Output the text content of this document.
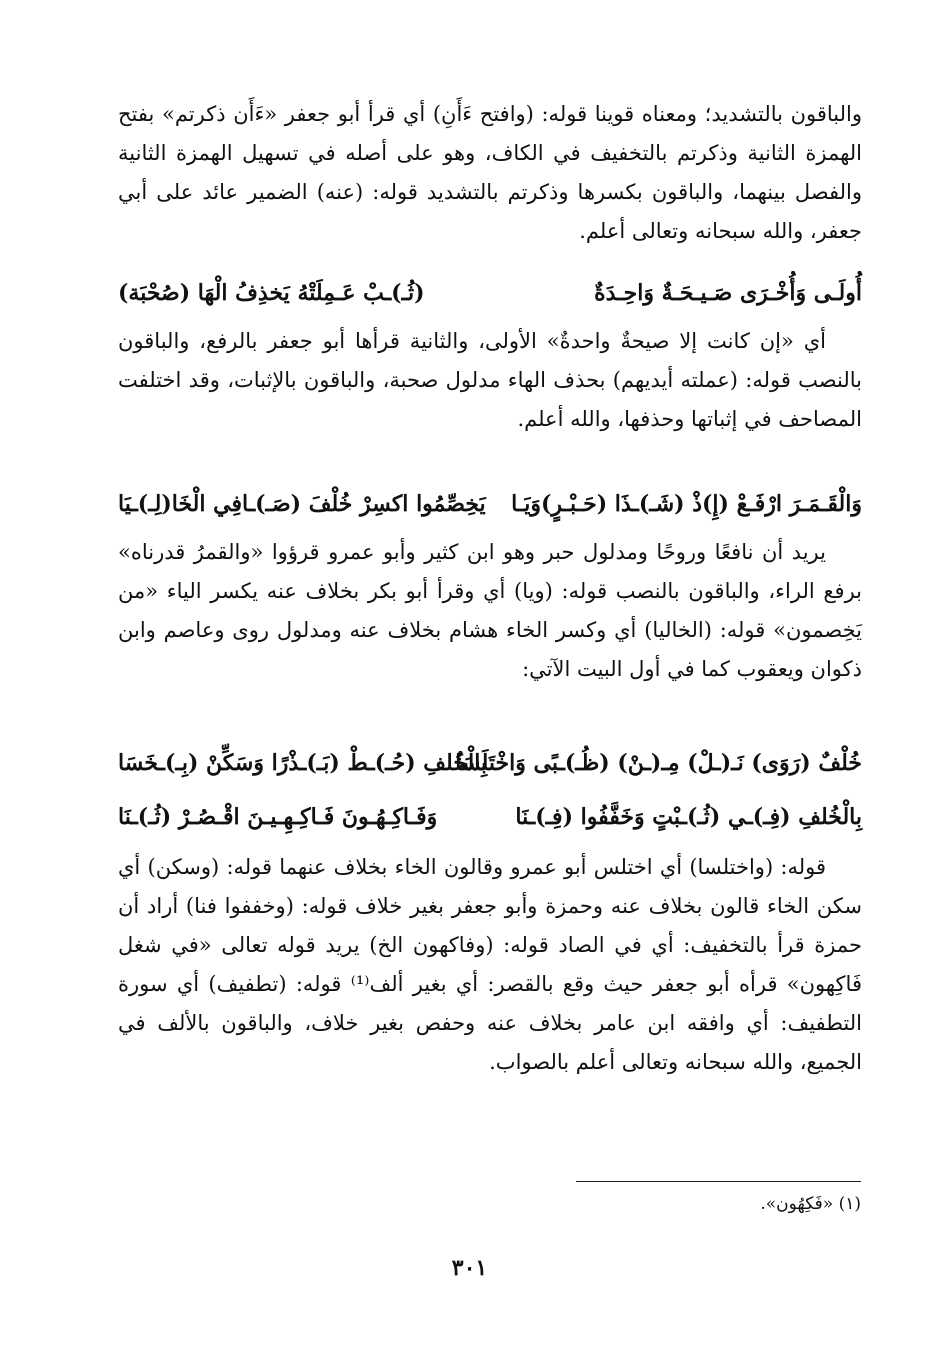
والباقون بالتشديد؛ ومعناه قوينا قوله: (وافتح ءَأَنِ) أي قرأ أبو جعفر «ءَأَن ذكرتم» بفتح الهمزة الثانية وذكرتم بالتخفيف في الكاف، وهو على أصله في تسهيل الهمزة الثانية والفصل بينهما، والباقون بكسرها وذكرتم بالتشديد قوله: (عنه) الضمير عائد على أبي جعفر، والله سبحانه وتعالى أعلم.

أُولَـى وَأُخْـرَى صَـيـحَـةٌ وَاحِـدَةٌ
(ثُـ)ـبْ عَـمِلَتْهُ يَخذِفُ الْهَا (صُحْبَة)

أي «إن كانت إلا صيحةٌ واحدةٌ» الأولى، والثانية قرأها أبو جعفر بالرفع، والباقون بالنصب قوله: (عملته أيديهم) بحذف الهاء مدلول صحبة، والباقون بالإثبات، وقد اختلفت المصاحف في إثباتها وحذفها، والله أعلم.

وَالْقَـمَـرَ ارْفَـعْ (إِ)ذْ (شَـ)ـذَا (حَـبْـرٍ)وَيَـا
يَخِصِّمُوا اكسِرْ خُلْفَ (صَـ)ـافِي الْخَا(لِـ)ـيَا

يريد أن نافعًا وروحًا ومدلول حبر وهو ابن كثير وأبو عمرو قرؤوا «والقمرُ قدرناه» برفع الراء، والباقون بالنصب قوله: (ويا) أي وقرأ أبو بكر بخلاف عنه يكسر الياء «من يَخِصمون» قوله: (الخاليا) أي وكسر الخاء هشام بخلاف عنه ومدلول روى وعاصم وابن ذكوان ويعقوب كما في أول البيت الآتي:

خُلْفٌ (رَوَى) نَـ(ـلْ) مِـ(ـنْ) (ظُـ)ـبًى وَاخْتَلَسَا
بِالْخُلفِ (حُـ)ـطْ (بَـ)ـذْرًا وَسَكِّنْ (بِـ)ـخَسَا
بِالْخُلفِ (فِـ)ـي (ثُـ)ـبْتٍ وَخَفَّفُوا (فِـ)ـنَا
وَفَـاكِـهُـونَ فَـاكِـهِـيـنَ اقْـصُـرْ (ثُـ)ـنَا

قوله: (واختلسا) أي اختلس أبو عمرو وقالون الخاء بخلاف عنهما قوله: (وسكن) أي سكن الخاء قالون بخلاف عنه وحمزة وأبو جعفر بغير خلاف قوله: (وخففوا فنا) أراد أن حمزة قرأ بالتخفيف: أي في الصاد قوله: (وفاكهون الخ) يريد قوله تعالى «في شغل فَاكِهون» قرأه أبو جعفر حيث وقع بالقصر: أي بغير ألف⁽¹⁾ قوله: (تطفيف) أي سورة التطفيف: أي وافقه ابن عامر بخلاف عنه وحفص بغير خلاف، والباقون بالألف في الجميع، والله سبحانه وتعالى أعلم بالصواب.

(١) «فَكِهُون».
٣٠١
